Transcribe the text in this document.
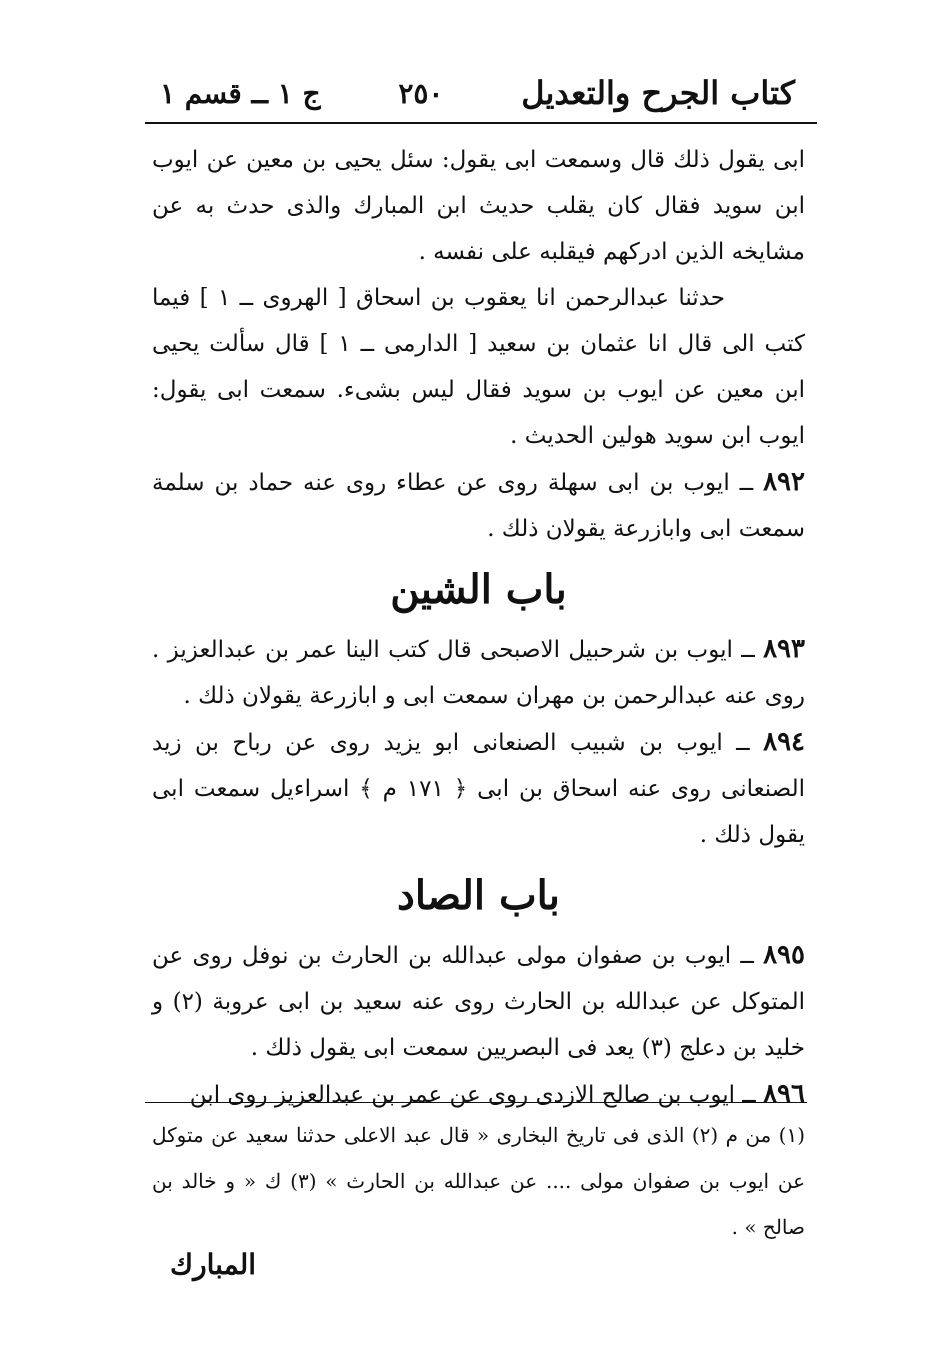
كتاب الجرح والتعديل
٢٥٠
ج ١ ــ قسم ١

ابى يقول ذلك قال وسمعت ابى يقول: سئل يحيى بن معين عن ايوب ابن سويد فقال كان يقلب حديث ابن المبارك والذى حدث به عن مشايخه الذين ادركهم فيقلبه على نفسه .

حدثنا عبدالرحمن انا يعقوب بن اسحاق [ الهروى ــ ١ ] فيما كتب الى قال انا عثمان بن سعيد [ الدارمى ــ ١ ] قال سألت يحيى ابن معين عن ايوب بن سويد فقال ليس بشىء. سمعت ابى يقول: ايوب ابن سويد هولين الحديث .

٨٩٢ ــ ايوب بن ابى سهلة روى عن عطاء روى عنه حماد بن سلمة سمعت ابى وابازرعة يقولان ذلك .

باب الشين

٨٩٣ ــ ايوب بن شرحبيل الاصبحى قال كتب الينا عمر بن عبدالعزيز . روى عنه عبدالرحمن بن مهران سمعت ابى و ابازرعة يقولان ذلك .

٨٩٤ ــ ايوب بن شبيب الصنعانى ابو يزيد روى عن رباح بن زيد الصنعانى روى عنه اسحاق بن ابى ﴿ ١٧١ م ﴾ اسراءيل سمعت ابى يقول ذلك .

باب الصاد

٨٩٥ ــ ايوب بن صفوان مولى عبدالله بن الحارث بن نوفل روى عن المتوكل عن عبدالله بن الحارث روى عنه سعيد بن ابى عروبة (٢) و خليد بن دعلج (٣) يعد فى البصريين سمعت ابى يقول ذلك .

٨٩٦ ــ ايوب بن صالح الازدى روى عن عمر بن عبدالعزيز روى ابن

(١) من م (٢) الذى فى تاريخ البخارى « قال عبد الاعلى حدثنا سعيد عن متوكل عن ايوب بن صفوان مولى .... عن عبدالله بن الحارث » (٣) ك « و خالد بن صالح » .

المبارك
